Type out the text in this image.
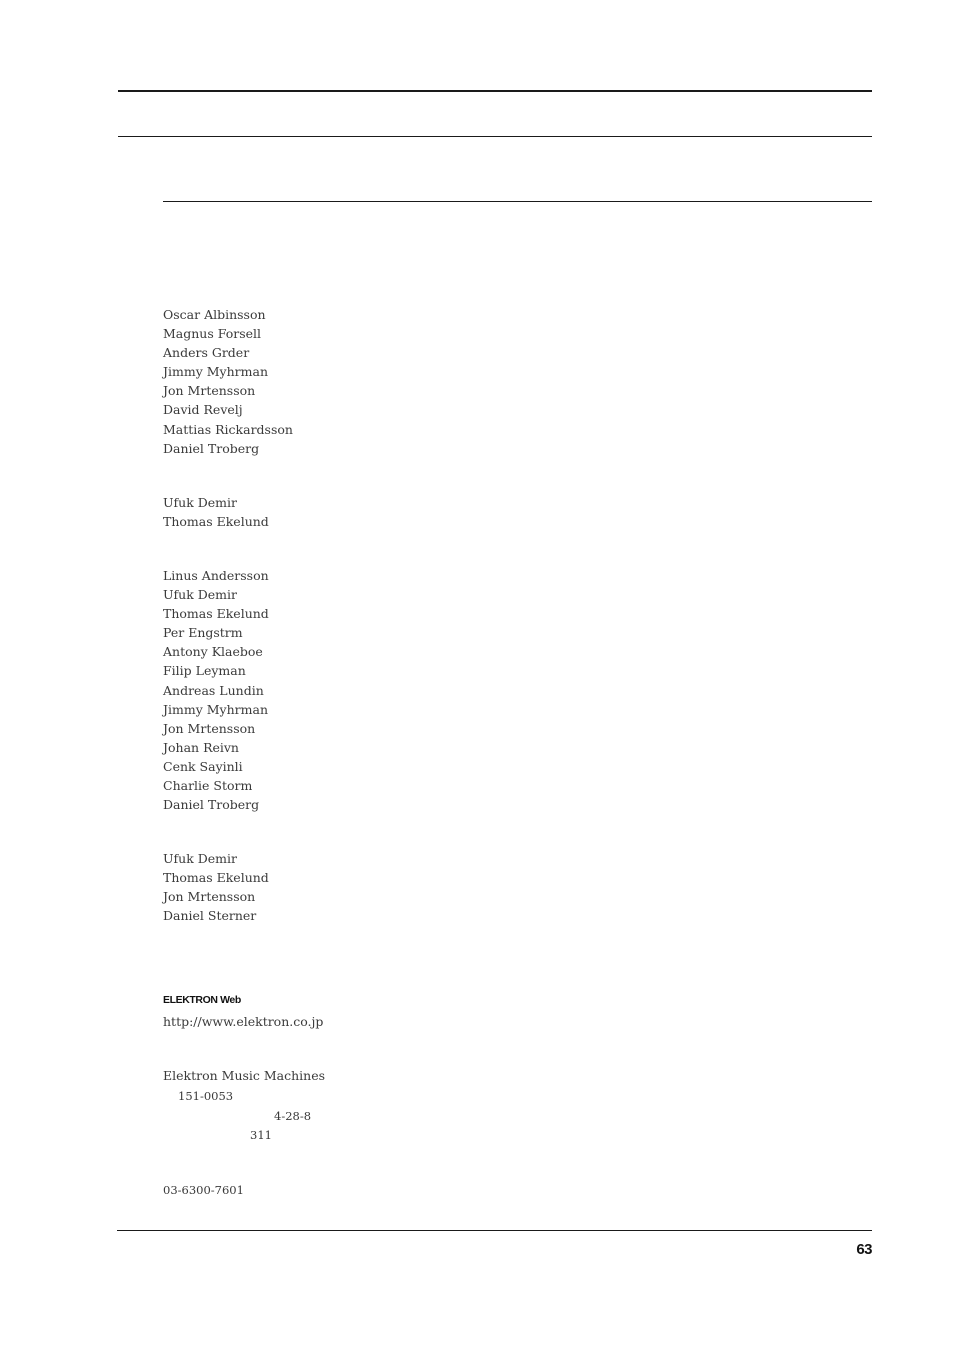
Oscar Albinsson
Magnus Forsell
Anders Grder
Jimmy Myhrman
Jon Mrtensson
David Revelj
Mattias Rickardsson
Daniel Troberg
Ufuk Demir
Thomas Ekelund
Linus Andersson
Ufuk Demir
Thomas Ekelund
Per Engstrm
Antony Klaeboe
Filip Leyman
Andreas Lundin
Jimmy Myhrman
Jon Mrtensson
Johan Reivn
Cenk Sayinli
Charlie Storm
Daniel Troberg
Ufuk Demir
Thomas Ekelund
Jon Mrtensson
Daniel Sterner
ELEKTRON Web
http://www.elektron.co.jp
Elektron Music Machines
151-0053
4-28-8
311
03-6300-7601
63
